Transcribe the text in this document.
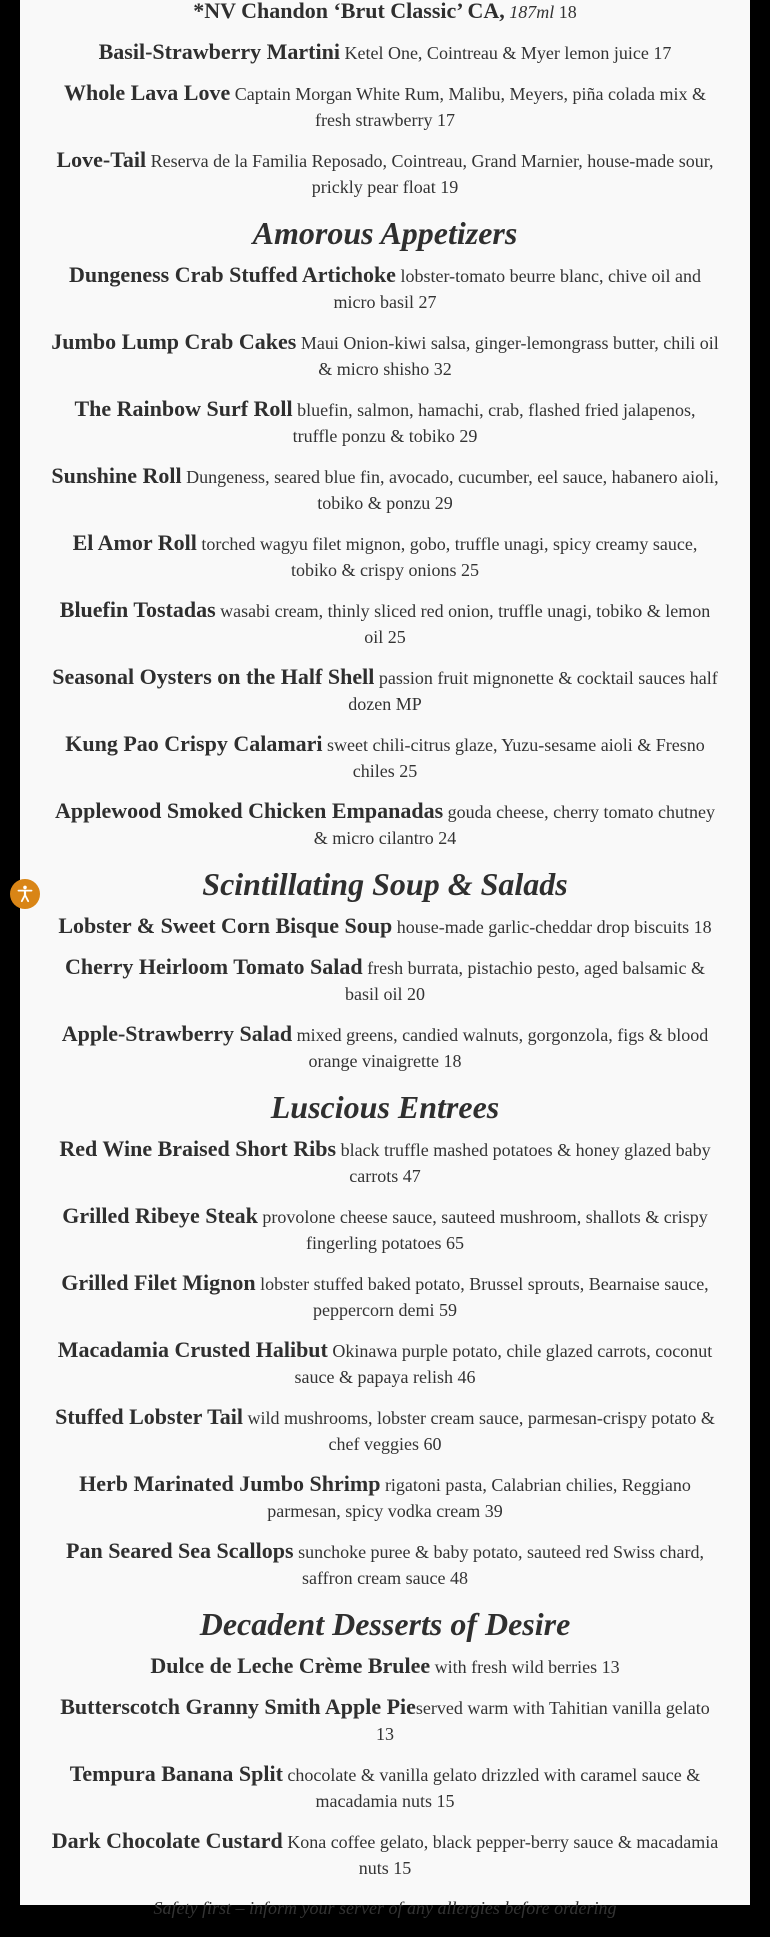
*NV Chandon ‘Brut Classic’ CA, 187ml 18

Basil-Strawberry Martini Ketel One, Cointreau & Myer lemon juice 17

Whole Lava Love Captain Morgan White Rum, Malibu, Meyers, piña colada mix & fresh strawberry 17

Love-Tail Reserva de la Familia Reposado, Cointreau, Grand Marnier, house-made sour, prickly pear float 19

Amorous Appetizers

Dungeness Crab Stuffed Artichoke lobster-tomato beurre blanc, chive oil and micro basil 27

Jumbo Lump Crab Cakes Maui Onion-kiwi salsa, ginger-lemongrass butter, chili oil & micro shisho 32

The Rainbow Surf Roll bluefin, salmon, hamachi, crab, flashed fried jalapenos, truffle ponzu & tobiko 29

Sunshine Roll Dungeness, seared blue fin, avocado, cucumber, eel sauce, habanero aioli, tobiko & ponzu 29

El Amor Roll torched wagyu filet mignon, gobo, truffle unagi, spicy creamy sauce, tobiko & crispy onions 25

Bluefin Tostadas wasabi cream, thinly sliced red onion, truffle unagi, tobiko & lemon oil 25

Seasonal Oysters on the Half Shell passion fruit mignonette & cocktail sauces half dozen MP

Kung Pao Crispy Calamari sweet chili-citrus glaze, Yuzu-sesame aioli & Fresno chiles 25

Applewood Smoked Chicken Empanadas gouda cheese, cherry tomato chutney & micro cilantro 24

Scintillating Soup & Salads

Lobster & Sweet Corn Bisque Soup house-made garlic-cheddar drop biscuits 18

Cherry Heirloom Tomato Salad fresh burrata, pistachio pesto, aged balsamic & basil oil 20

Apple-Strawberry Salad mixed greens, candied walnuts, gorgonzola, figs & blood orange vinaigrette 18

Luscious Entrees

Red Wine Braised Short Ribs black truffle mashed potatoes & honey glazed baby carrots 47

Grilled Ribeye Steak provolone cheese sauce, sauteed mushroom, shallots & crispy fingerling potatoes 65

Grilled Filet Mignon lobster stuffed baked potato, Brussel sprouts, Bearnaise sauce, peppercorn demi 59

Macadamia Crusted Halibut Okinawa purple potato, chile glazed carrots, coconut sauce & papaya relish 46

Stuffed Lobster Tail wild mushrooms, lobster cream sauce, parmesan-crispy potato & chef veggies 60

Herb Marinated Jumbo Shrimp rigatoni pasta, Calabrian chilies, Reggiano parmesan, spicy vodka cream 39

Pan Seared Sea Scallops sunchoke puree & baby potato, sauteed red Swiss chard, saffron cream sauce 48

Decadent Desserts of Desire

Dulce de Leche Crème Brulee with fresh wild berries 13

Butterscotch Granny Smith Apple Pieserved warm with Tahitian vanilla gelato 13

Tempura Banana Split chocolate & vanilla gelato drizzled with caramel sauce & macadamia nuts 15

Dark Chocolate Custard Kona coffee gelato, black pepper-berry sauce & macadamia nuts 15

Safety first – inform your server of any allergies before ordering
